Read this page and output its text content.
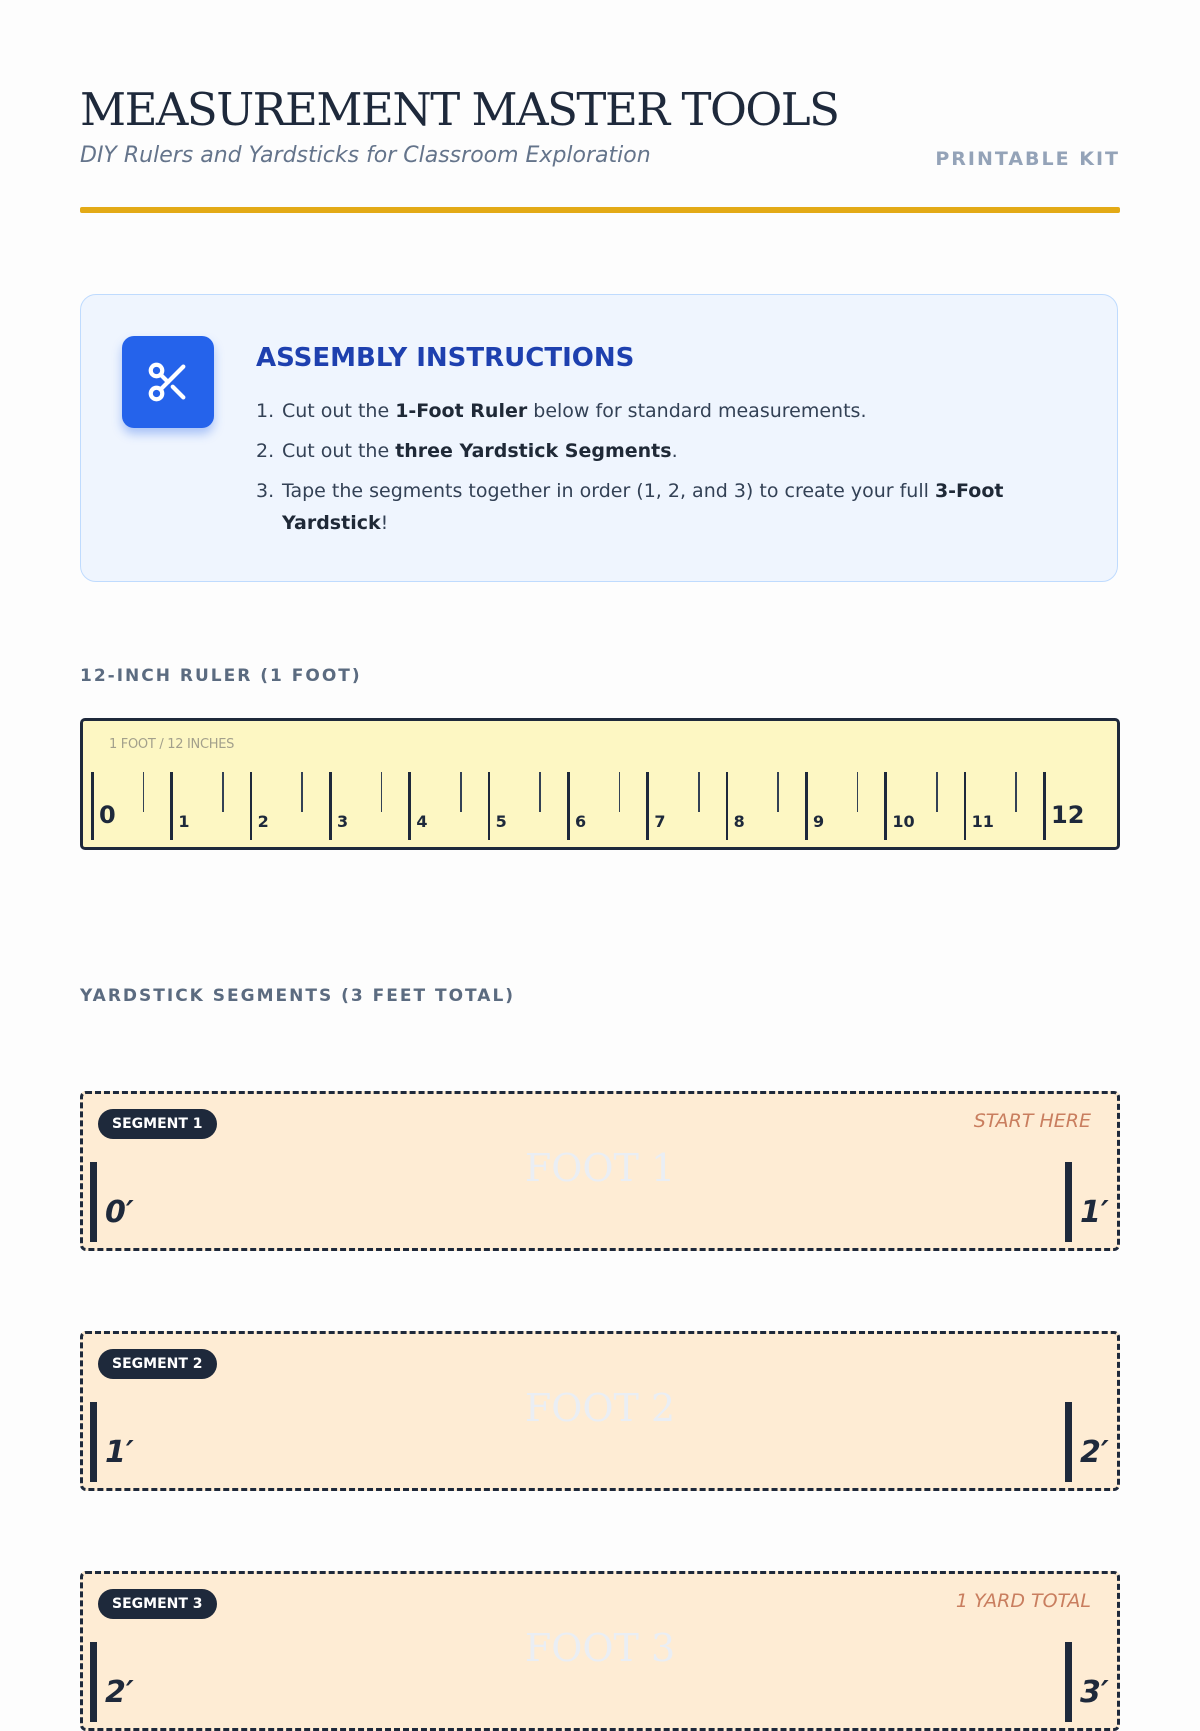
MEASUREMENT MASTER TOOLS
DIY Rulers and Yardsticks for Classroom Exploration	PRINTABLE KIT
ASSEMBLY INSTRUCTIONS
1. Cut out the 1-Foot Ruler below for standard measurements.
2. Cut out the three Yardstick Segments.
3. Tape the segments together in order (1, 2, and 3) to create your full 3-Foot Yardstick!
12-INCH RULER (1 FOOT)
1 FOOT / 12 INCHES
0	1	2	3	4	5	6	7	8	9	10	11 12
YARDSTICK SEGMENTS (3 FEET TOTAL)
SEGMENT 1	START HERE
FOOT 1
0′	1′
SEGMENT 2
FOOT 2
1′	2′
SEGMENT 3	1 YARD TOTAL
FOOT 3
2′	3′
